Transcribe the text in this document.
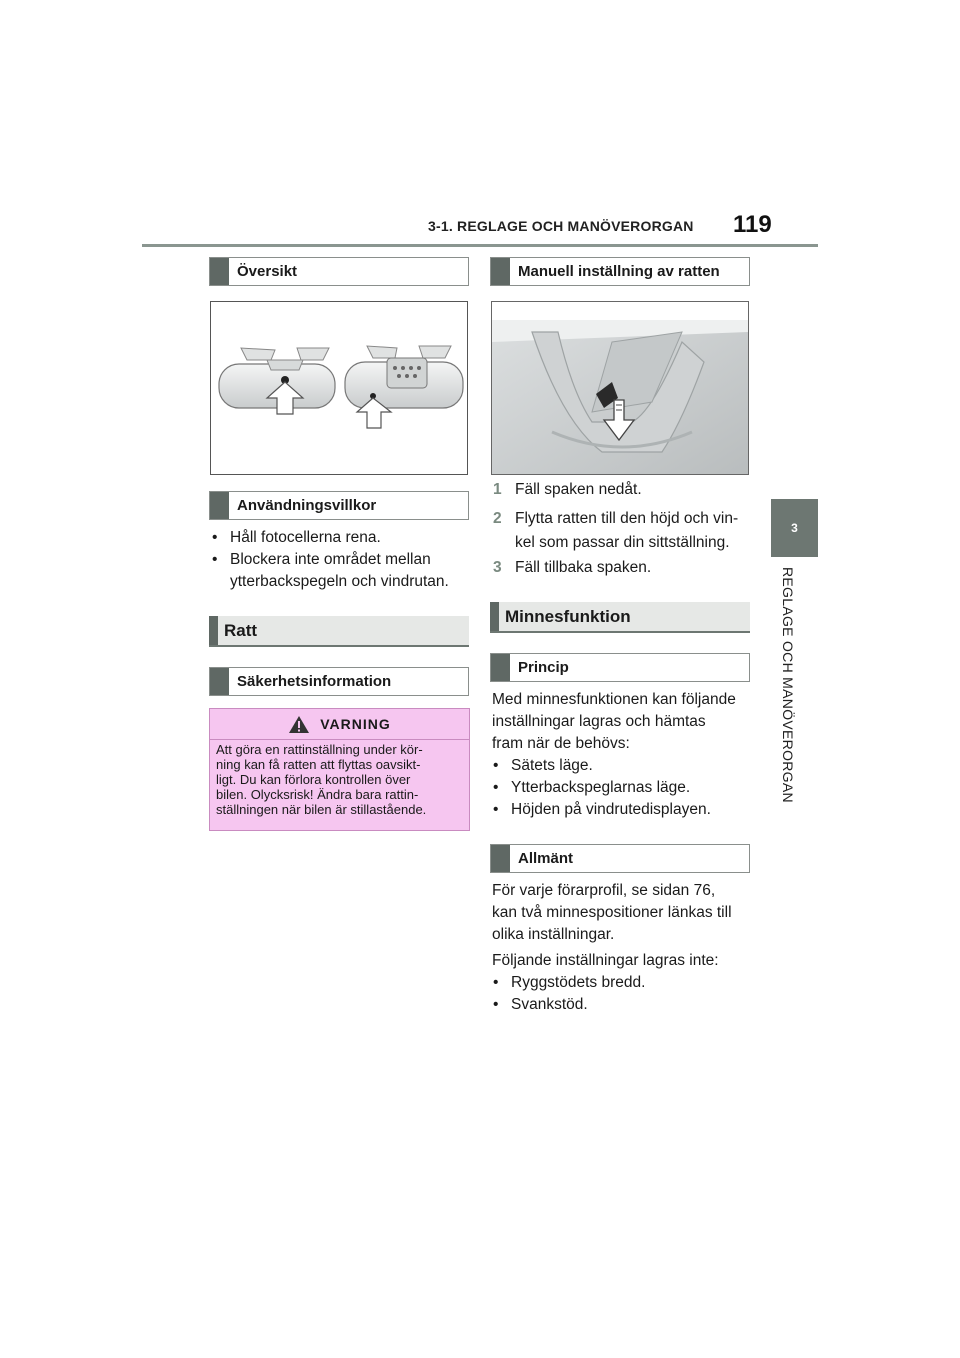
3-1. REGLAGE OCH MANÖVERORGAN 119
3
REGLAGE OCH MANÖVERORGAN
Översikt
Användningsvillkor
• Håll fotocellerna rena.
• Blockera inte området mellan
ytterbackspegeln och vindrutan.
Ratt
Säkerhetsinformation
VARNING
Att göra en rattinställning under kör-
ning kan få ratten att flyttas oavsikt-
ligt. Du kan förlora kontrollen över
bilen. Olycksrisk! Ändra bara rattin-
ställningen när bilen är stillastående.
Manuell inställning av ratten
1 Fäll spaken nedåt.
2 Flytta ratten till den höjd och vin-
kel som passar din sittställning.
3 Fäll tillbaka spaken.
Minnesfunktion
Princip
Med minnesfunktionen kan följande
inställningar lagras och hämtas
fram när de behövs:
• Sätets läge.
• Ytterbackspeglarnas läge.
• Höjden på vindrutedisplayen.
Allmänt
För varje förarprofil, se sidan 76,
kan två minnespositioner länkas till
olika inställningar.
Följande inställningar lagras inte:
• Ryggstödets bredd.
• Svankstöd.
